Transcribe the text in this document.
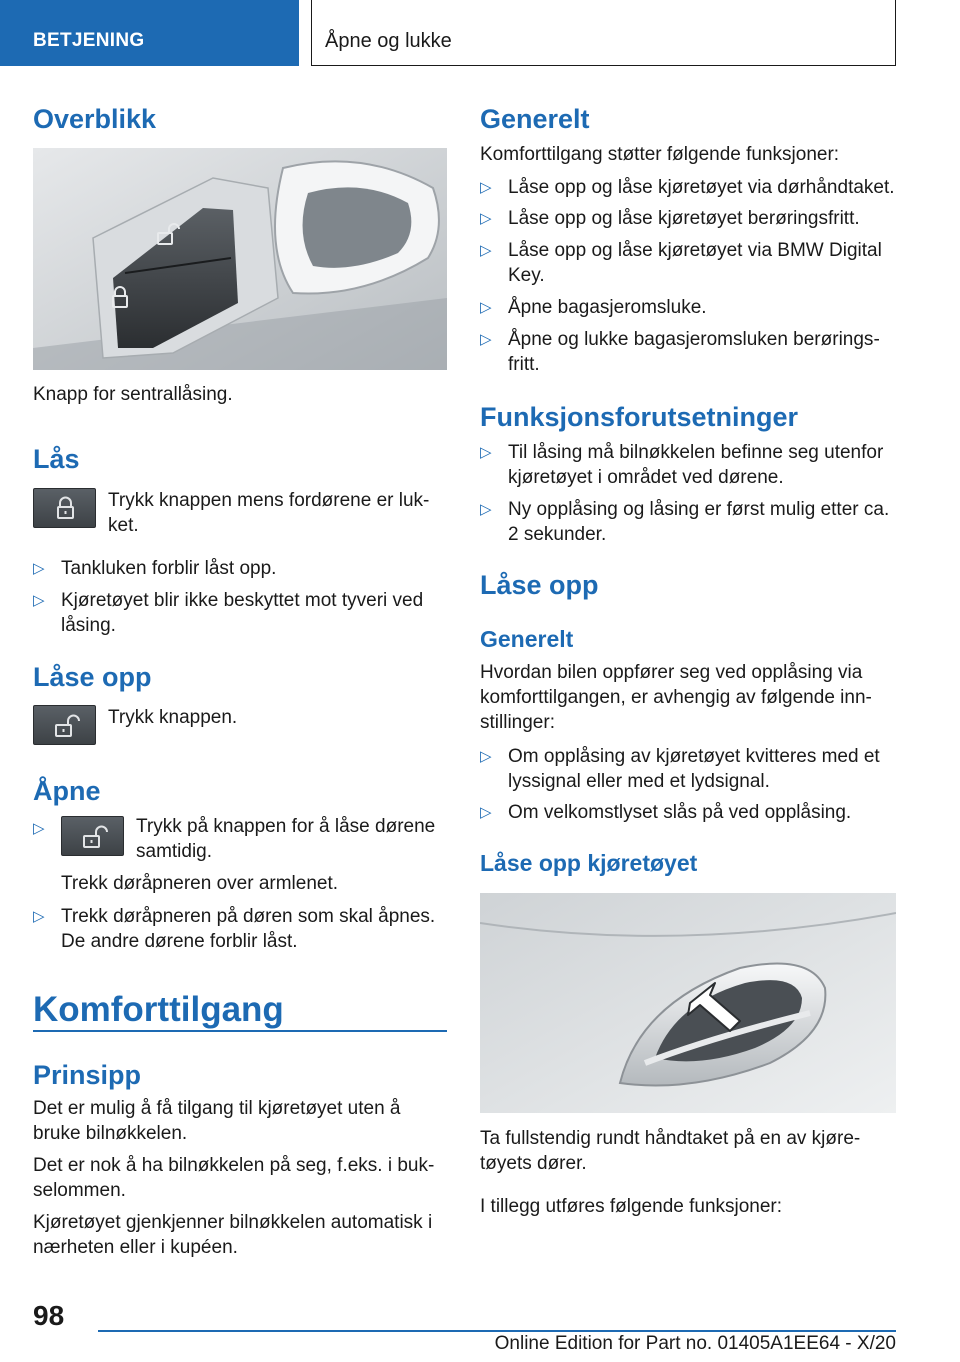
BETJENING	Åpne og lukke
Overblikk
Knapp for sentrallåsing.
Lås
Trykk knappen mens fordørene er lukket.
▷ Tankluken forblir låst opp.
▷ Kjøretøyet blir ikke beskyttet mot tyveri ved låsing.
Låse opp
Trykk knappen.
Åpne
▷	Trykk på knappen for å låse dørene samtidig.
Trekk døråpneren over armlenet.
▷ Trekk døråpneren på døren som skal åpnes. De andre dørene forblir låst.
Komforttilgang
Prinsipp
Det er mulig å få tilgang til kjøretøyet uten å bruke bilnøkkelen.
Det er nok å ha bilnøkkelen på seg, f.eks. i bukselommen.
Kjøretøyet gjenkjenner bilnøkkelen automatisk i nærheten eller i kupéen.
Generelt
Komforttilgang støtter følgende funksjoner:
▷ Låse opp og låse kjøretøyet via dørhåndtaket.
▷ Låse opp og låse kjøretøyet berøringsfritt.
▷ Låse opp og låse kjøretøyet via BMW Digital Key.
▷ Åpne bagasjeromsluke.
▷ Åpne og lukke bagasjeromsluken berøringsfritt.
Funksjonsforutsetninger
▷ Til låsing må bilnøkkelen befinne seg utenfor kjøretøyet i området ved dørene.
▷ Ny opplåsing og låsing er først mulig etter ca. 2 sekunder.
Låse opp
Generelt
Hvordan bilen oppfører seg ved opplåsing via komforttilgangen, er avhengig av følgende innstillinger:
▷ Om opplåsing av kjøretøyet kvitteres med et lyssignal eller med et lydsignal.
▷ Om velkomstlyset slås på ved opplåsing.
Låse opp kjøretøyet
Ta fullstendig rundt håndtaket på en av kjøretøyets dører.
I tillegg utføres følgende funksjoner:
98
Online Edition for Part no. 01405A1EE64 - X/20
